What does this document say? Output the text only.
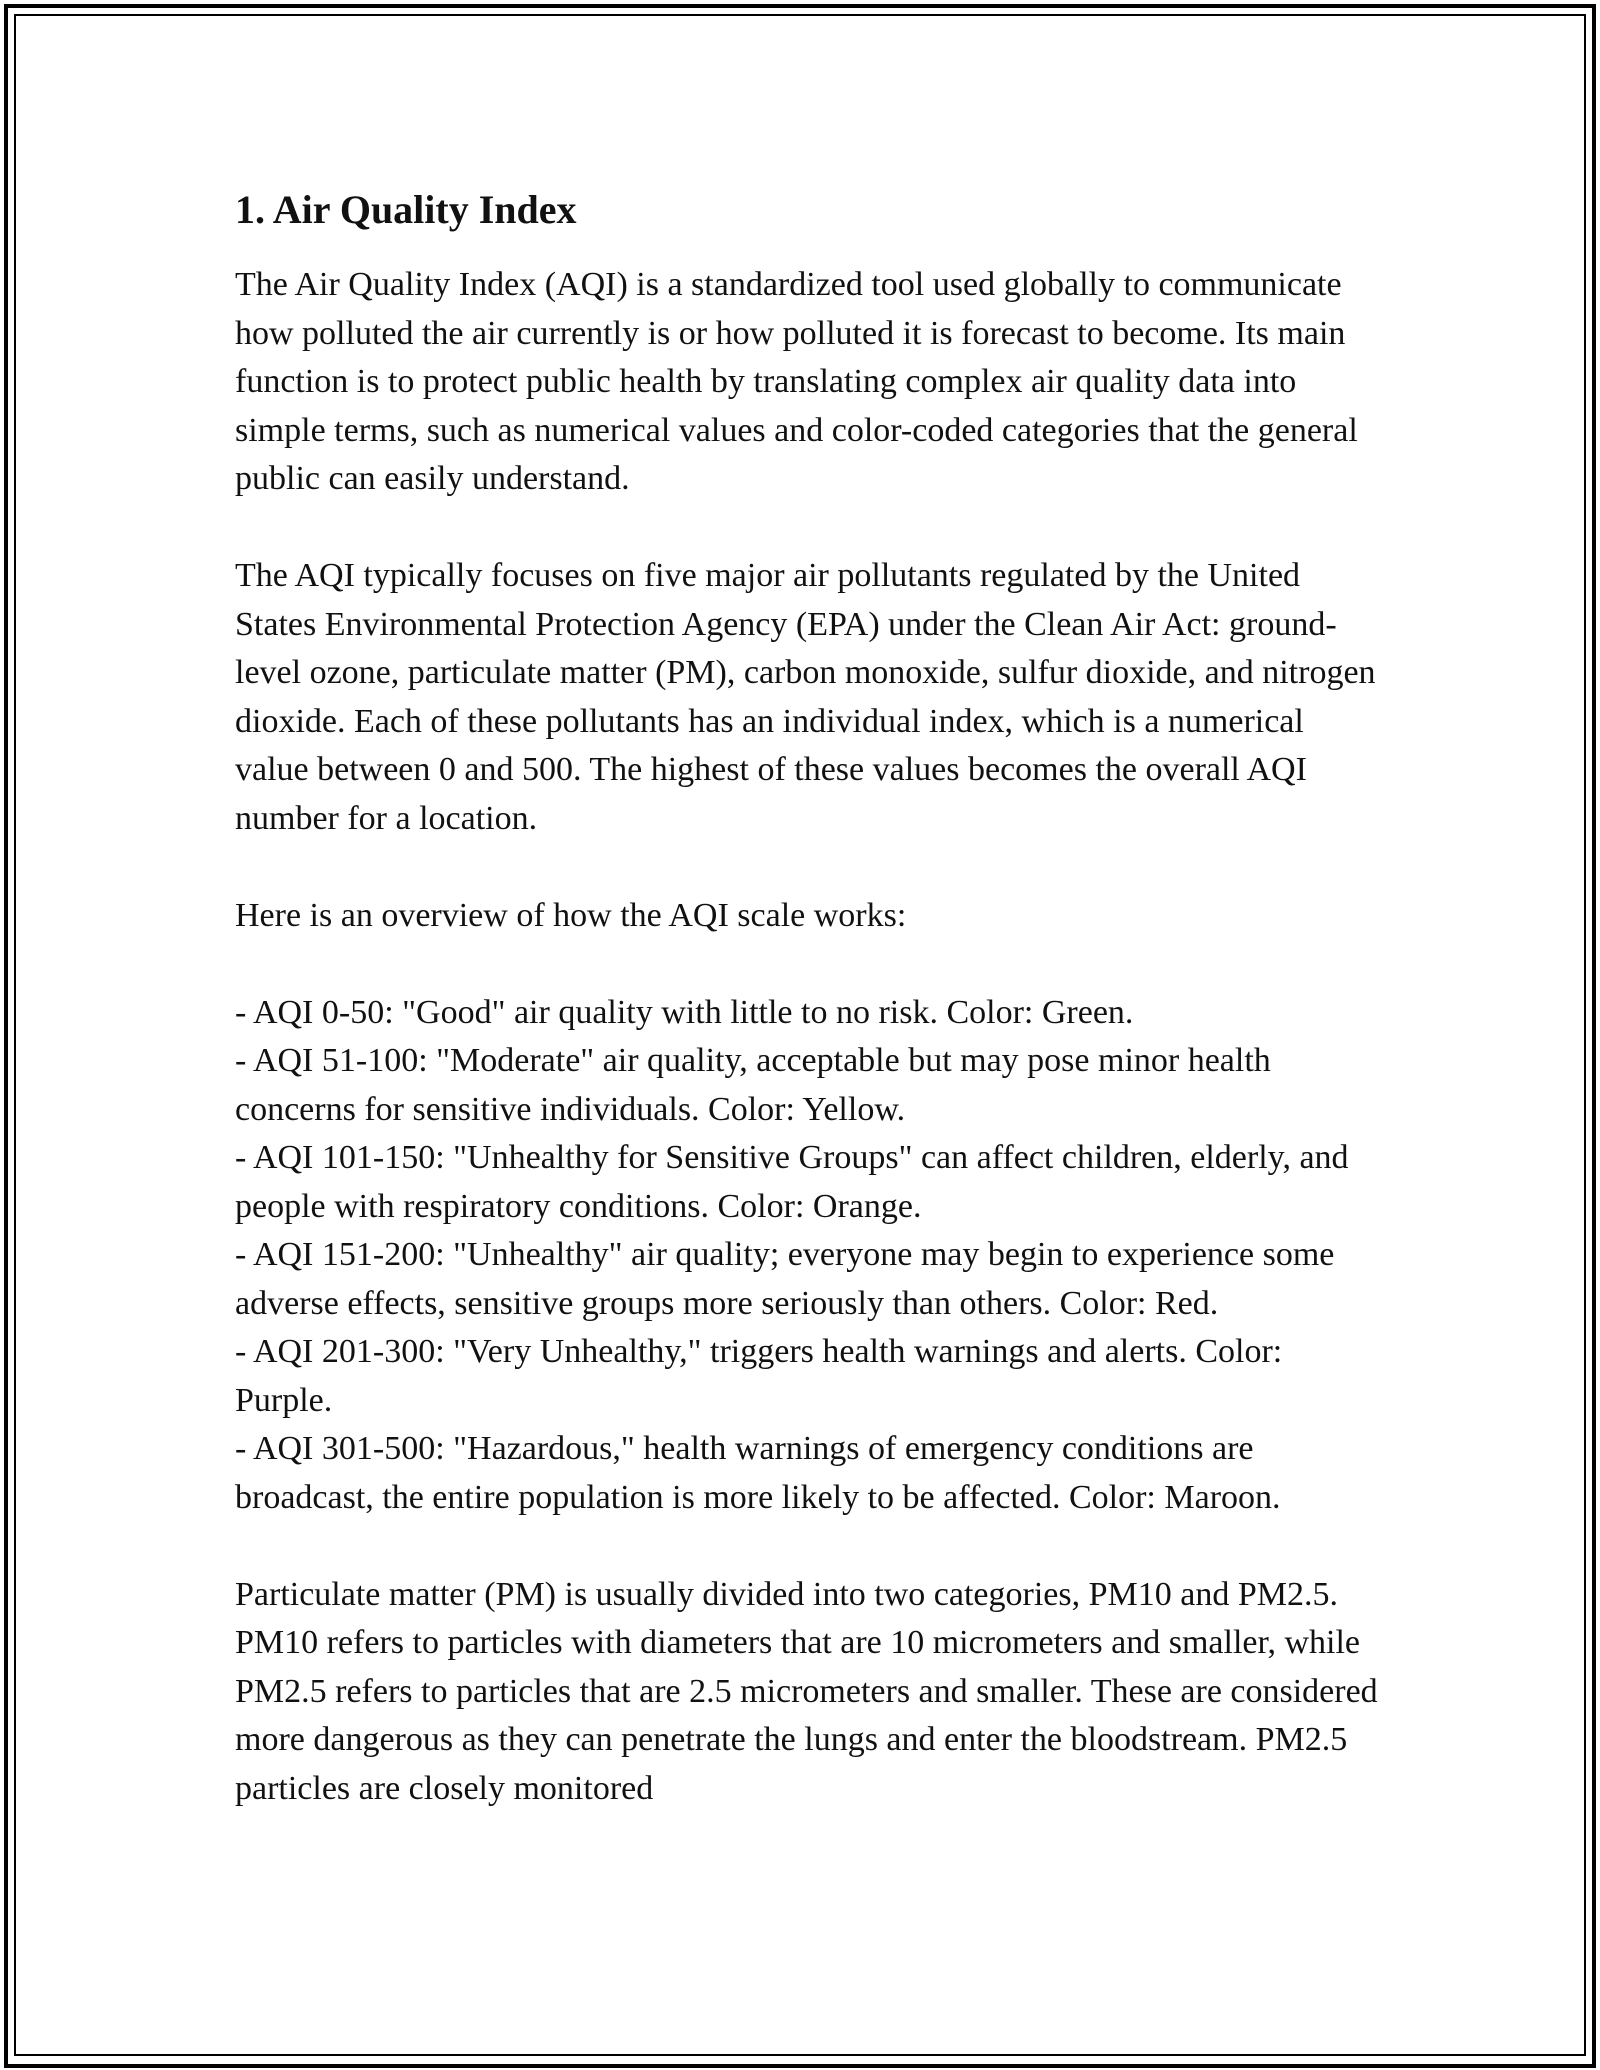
1. Air Quality Index

The Air Quality Index (AQI) is a standardized tool used globally to communicate how polluted the air currently is or how polluted it is forecast to become. Its main function is to protect public health by translating complex air quality data into simple terms, such as numerical values and color-coded categories that the general public can easily understand.

The AQI typically focuses on five major air pollutants regulated by the United States Environmental Protection Agency (EPA) under the Clean Air Act: ground-level ozone, particulate matter (PM), carbon monoxide, sulfur dioxide, and nitrogen dioxide. Each of these pollutants has an individual index, which is a numerical value between 0 and 500. The highest of these values becomes the overall AQI number for a location.

Here is an overview of how the AQI scale works:

- AQI 0-50: "Good" air quality with little to no risk. Color: Green.
- AQI 51-100: "Moderate" air quality, acceptable but may pose minor health concerns for sensitive individuals. Color: Yellow.
- AQI 101-150: "Unhealthy for Sensitive Groups" can affect children, elderly, and people with respiratory conditions. Color: Orange.
- AQI 151-200: "Unhealthy" air quality; everyone may begin to experience some adverse effects, sensitive groups more seriously than others. Color: Red.
- AQI 201-300: "Very Unhealthy," triggers health warnings and alerts. Color: Purple.
- AQI 301-500: "Hazardous," health warnings of emergency conditions are broadcast, the entire population is more likely to be affected. Color: Maroon.

Particulate matter (PM) is usually divided into two categories, PM10 and PM2.5. PM10 refers to particles with diameters that are 10 micrometers and smaller, while PM2.5 refers to particles that are 2.5 micrometers and smaller. These are considered more dangerous as they can penetrate the lungs and enter the bloodstream. PM2.5 particles are closely monitored
